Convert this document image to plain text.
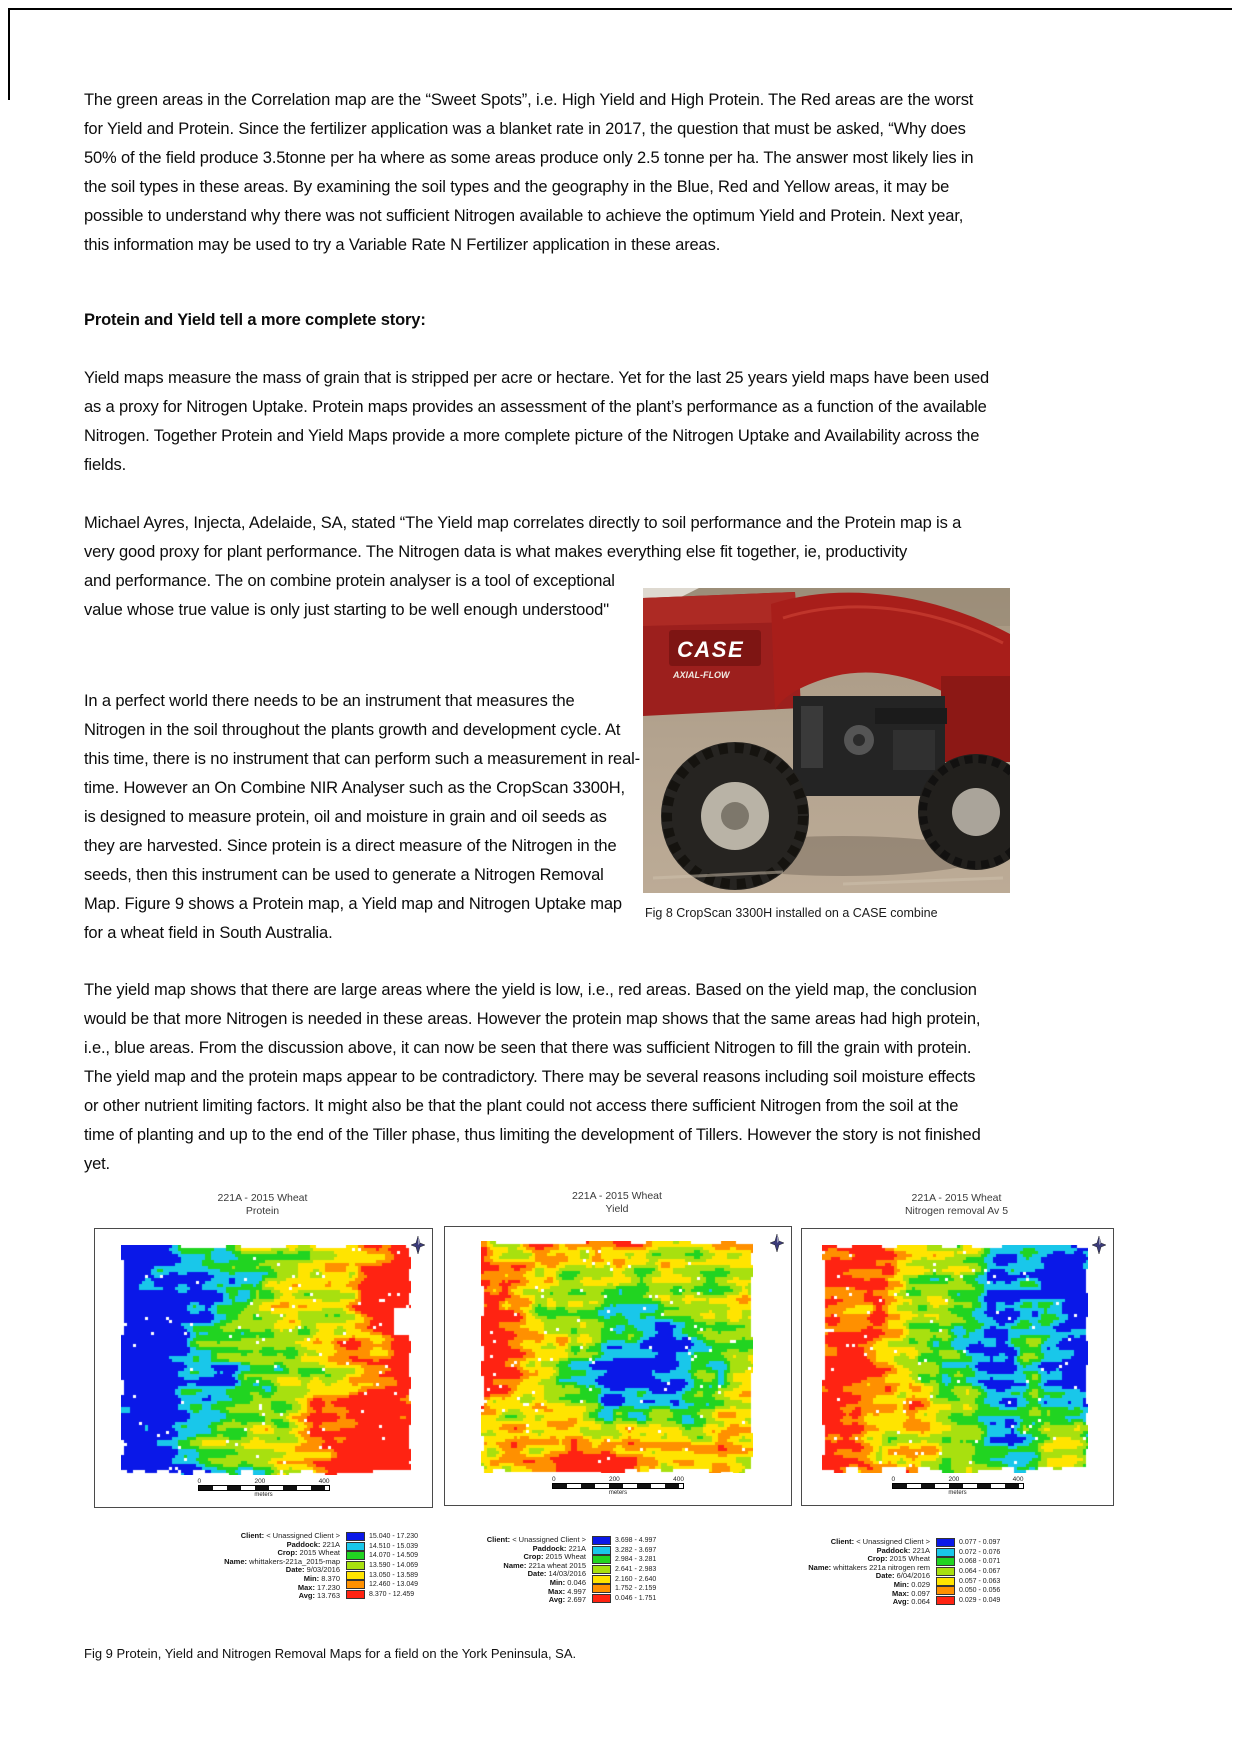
The green areas in the Correlation map are the “Sweet Spots”, i.e. High Yield and High Protein. The Red areas are the worst for Yield and Protein. Since the fertilizer application was a blanket rate in 2017, the question that must be asked, “Why does 50% of the field produce 3.5tonne per ha where as some areas produce only 2.5 tonne per ha. The answer most likely lies in the soil types in these areas. By examining the soil types and the geography in the Blue, Red and Yellow areas, it may be possible to understand why there was not sufficient Nitrogen available to achieve the optimum Yield and Protein. Next year, this information may be used to try a Variable Rate N Fertilizer application in these areas.
Protein and Yield tell a more complete story:
Yield maps measure the mass of grain that is stripped per acre or hectare. Yet for the last 25 years yield maps have been used as a proxy for Nitrogen Uptake. Protein maps provides an assessment of the plant’s performance as a function of the available Nitrogen. Together Protein and Yield Maps provide a more complete picture of the Nitrogen Uptake and Availability across the fields.
Michael Ayres, Injecta, Adelaide, SA, stated “The Yield map correlates directly to soil performance and the Protein map is a very good proxy for plant performance. The Nitrogen data is what makes everything else fit together, ie, productivity
and performance. The on combine protein analyser is a tool of exceptional value whose true value is only just starting to be well enough understood"
In a perfect world there needs to be an instrument that measures the Nitrogen in the soil throughout the plants growth and development cycle. At this time, there is no instrument that can perform such a measurement in real-time. However an On Combine NIR Analyser such as the CropScan 3300H, is designed to measure protein, oil and moisture in grain and oil seeds as they are harvested. Since protein is a direct measure of the Nitrogen in the seeds, then this instrument can be used to generate a Nitrogen Removal Map. Figure 9 shows a Protein map, a Yield map and Nitrogen Uptake map for a wheat field in South Australia.
CASE
AXIAL-FLOW
Fig 8 CropScan 3300H installed on a CASE combine
The yield map shows that there are large areas where the yield is low, i.e., red areas. Based on the yield map, the conclusion would be that more Nitrogen is needed in these areas. However the protein map shows that the same areas had high protein, i.e., blue areas. From the discussion above, it can now be seen that there was sufficient Nitrogen to fill the grain with protein. The yield map and the protein maps appear to be contradictory. There may be several reasons including soil moisture effects or other nutrient limiting factors. It might also be that the plant could not access there sufficient Nitrogen from the soil at the time of planting and up to the end of the Tiller phase, thus limiting the development of Tillers. However the story is not finished yet.
221A - 2015 Wheat
Protein
221A - 2015 Wheat
Yield
221A - 2015 Wheat
Nitrogen removal Av 5
0	200	400
meters
0	200	400
meters
0	200	400
meters
Client: < Unassigned Client >
Paddock: 221A
Crop: 2015 Wheat
Name: whittakers-221a_2015-map
Date: 9/03/2016
Min: 8.370
Max: 17.230
Avg: 13.763
15.040 - 17.230
14.510 - 15.039
14.070 - 14.509
13.590 - 14.069
13.050 - 13.589
12.460 - 13.049
8.370 - 12.459
Client: < Unassigned Client >
Paddock: 221A
Crop: 2015 Wheat
Name: 221a wheat 2015
Date: 14/03/2016
Min: 0.046
Max: 4.997
Avg: 2.697
3.698 - 4.997
3.282 - 3.697
2.984 - 3.281
2.641 - 2.983
2.160 - 2.640
1.752 - 2.159
0.046 - 1.751
Client: < Unassigned Client >
Paddock: 221A
Crop: 2015 Wheat
Name: whittakers 221a nitrogen rem
Date: 6/04/2016
Min: 0.029
Max: 0.097
Avg: 0.064
0.077 - 0.097
0.072 - 0.076
0.068 - 0.071
0.064 - 0.067
0.057 - 0.063
0.050 - 0.056
0.029 - 0.049
Fig 9 Protein, Yield and Nitrogen Removal Maps for a field on the York Peninsula, SA.
